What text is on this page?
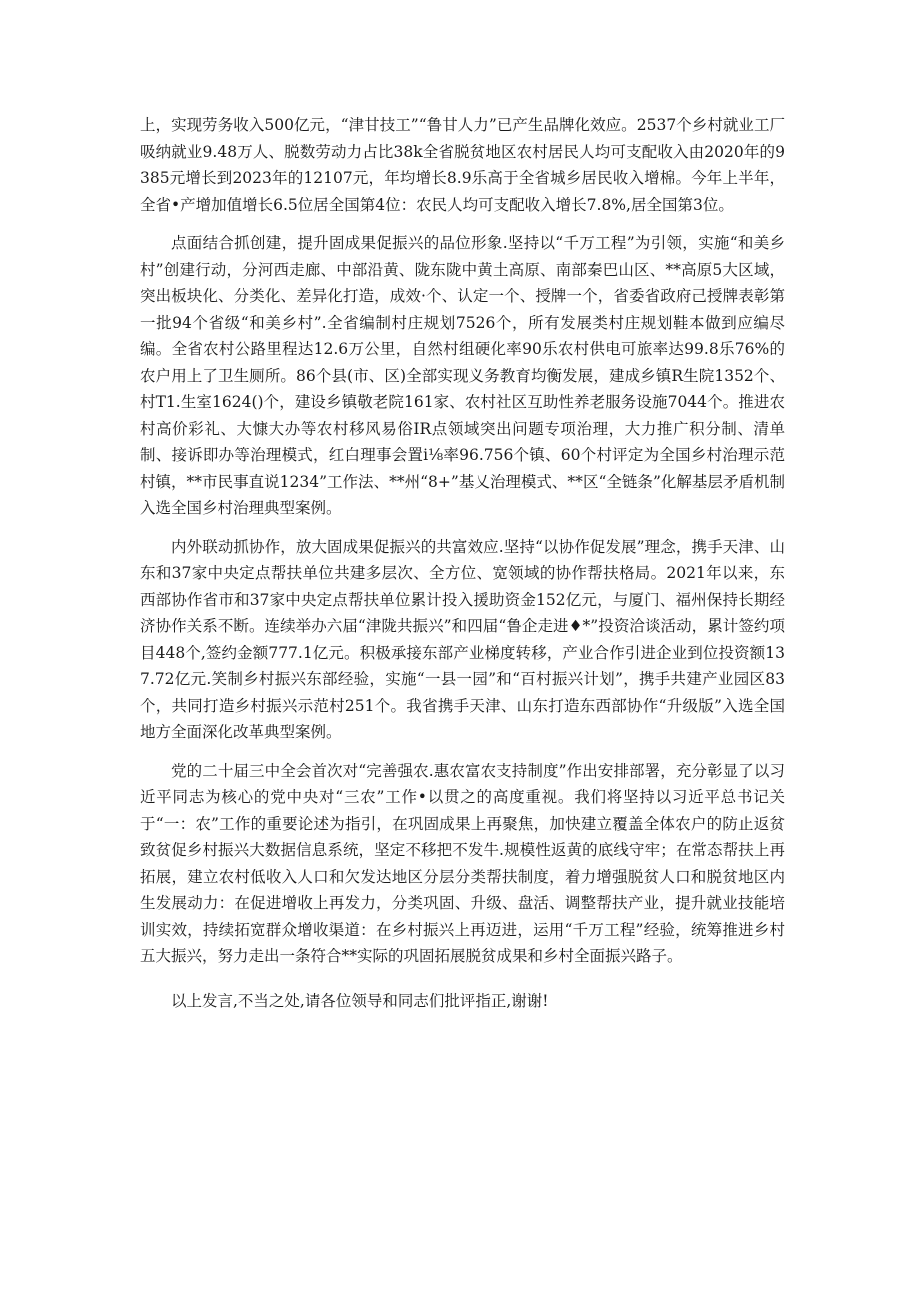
上，实现劳务收入500亿元，“津甘技工”“鲁甘人力”已产生品牌化效应。2537个乡村就业工厂吸纳就业9.48万人、脱数劳动力占比38k全省脱贫地区农村居民人均可支配收入由2020年的9385元增长到2023年的12107元，年均增长8.9乐高于全省城乡居民收入增棉。今年上半年，全省•产增加值增长6.5位居全国第4位：农民人均可支配收入增长7.8%,居全国第3位。

点面结合抓创建，提升固成果促振兴的品位形象.坚持以“千万工程”为引领，实施“和美乡村”创建行动，分河西走廊、中部沿黄、陇东陇中黄土高原、南部秦巴山区、**高原5大区域，突出板块化、分类化、差异化打造，成效·个、认定一个、授牌一个，省委省政府己授牌表彰第一批94个省级“和美乡村”.全省编制村庄规划7526个，所有发展类村庄规划鞋本做到应编尽编。全省农村公路里程达12.6万公里，自然村组硬化率90乐农村供电可旅率达99.8乐76%的农户用上了卫生厕所。86个县(市、区)全部实现义务教育均衡发展，建成乡镇R生院1352个、村T1.生室1624()个，建设乡镇敬老院161家、农村社区互助性养老服务设施7044个。推进农村高价彩礼、大慷大办等农村移风易俗IR点领域突出问题专项治理，大力推广积分制、清单制、接诉即办等治理模式，红白理事会置i⅛率96.756个镇、60个村评定为全国乡村治理示范村镇，**市民事直说1234”工作法、**州“8+”基乂治理模式、**区“全链条”化解基层矛盾机制入选全国乡村治理典型案例。

内外联动抓协作，放大固成果促振兴的共富效应.坚持“以协作促发展”理念，携手天津、山东和37家中央定点帮扶单位共建多层次、全方位、宽领域的协作帮扶格局。2021年以来，东西部协作省市和37家中央定点帮扶单位累计投入援助资金152亿元，与厦门、福州保持长期经济协作关系不断。连续举办六届“津陇共振兴”和四届“鲁企走进♦*”投资洽谈活动，累计签约项目448个,签约金额777.1亿元。积极承接东部产业梯度转移，产业合作引进企业到位投资额137.72亿元.笑制乡村振兴东部经验，实施“一县一园”和“百村振兴计划”，携手共建产业园区83个，共同打造乡村振兴示范村251个。我省携手天津、山东打造东西部协作“升级版”入选全国地方全面深化改革典型案例。

党的二十届三中全会首次对“完善强农.惠农富农支持制度”作出安排部署，充分彰显了以习近平同志为核心的党中央对“三农”工作•以贯之的高度重视。我们将坚持以习近平总书记关于“一：农”工作的重要论述为指引，在巩固成果上再聚焦，加快建立覆盖全体农户的防止返贫致贫促乡村振兴大数据信息系统，坚定不移把不发牛.规模性返黄的底线守牢；在常态帮扶上再拓展，建立农村低收入人口和欠发达地区分层分类帮扶制度，着力增强脱贫人口和脱贫地区内生发展动力：在促进增收上再发力，分类巩固、升级、盘活、调整帮扶产业，提升就业技能培训实效，持续拓宽群众增收渠道：在乡村振兴上再迈进，运用“千万工程”经验，统筹推进乡村五大振兴，努力走出一条符合**实际的巩固拓展脱贫成果和乡村全面振兴路子。

以上发言,不当之处,请各位领导和同志们批评指正,谢谢!
